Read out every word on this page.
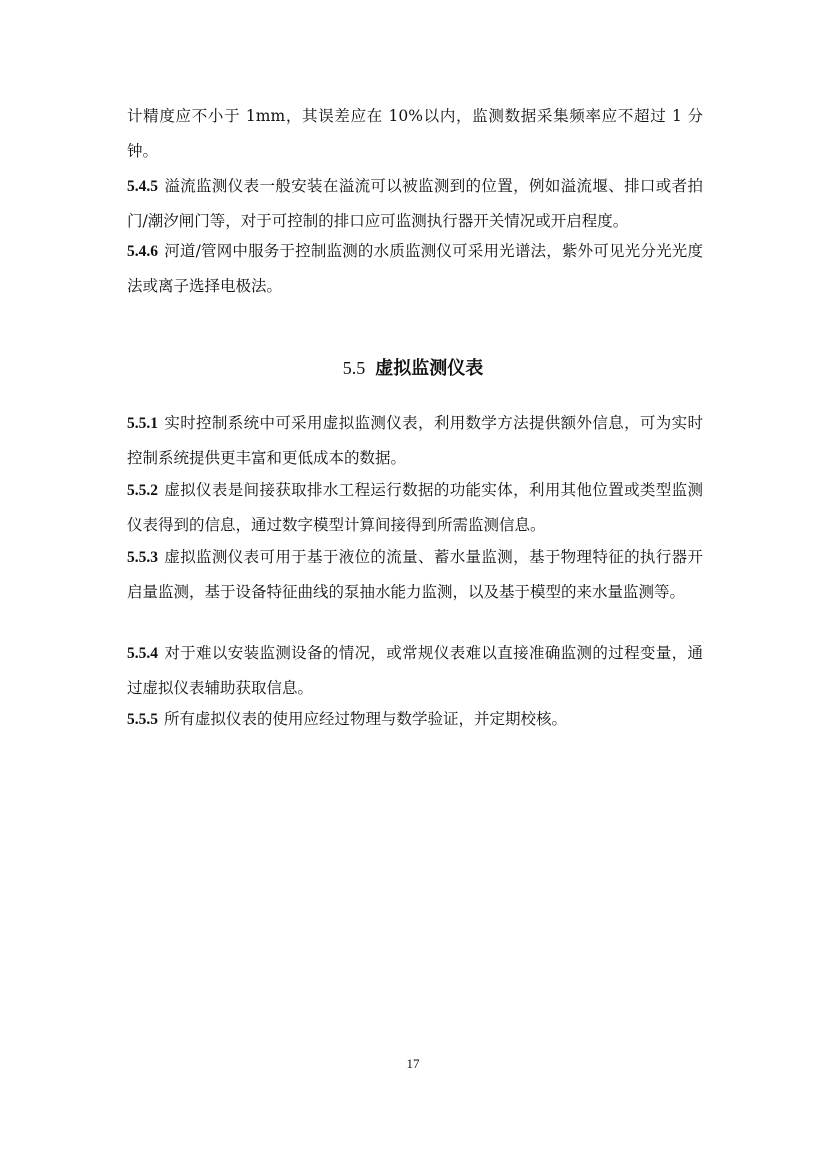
计精度应不小于 1mm，其误差应在 10%以内，监测数据采集频率应不超过 1 分钟。

5.4.5 溢流监测仪表一般安装在溢流可以被监测到的位置，例如溢流堰、排口或者拍门/潮汐闸门等，对于可控制的排口应可监测执行器开关情况或开启程度。

5.4.6 河道/管网中服务于控制监测的水质监测仪可采用光谱法，紫外可见光分光光度法或离子选择电极法。

5.5 虚拟监测仪表

5.5.1 实时控制系统中可采用虚拟监测仪表，利用数学方法提供额外信息，可为实时控制系统提供更丰富和更低成本的数据。

5.5.2 虚拟仪表是间接获取排水工程运行数据的功能实体，利用其他位置或类型监测仪表得到的信息，通过数字模型计算间接得到所需监测信息。

5.5.3 虚拟监测仪表可用于基于液位的流量、蓄水量监测，基于物理特征的执行器开启量监测，基于设备特征曲线的泵抽水能力监测，以及基于模型的来水量监测等。

5.5.4 对于难以安装监测设备的情况，或常规仪表难以直接准确监测的过程变量，通过虚拟仪表辅助获取信息。

5.5.5 所有虚拟仪表的使用应经过物理与数学验证，并定期校核。

17
